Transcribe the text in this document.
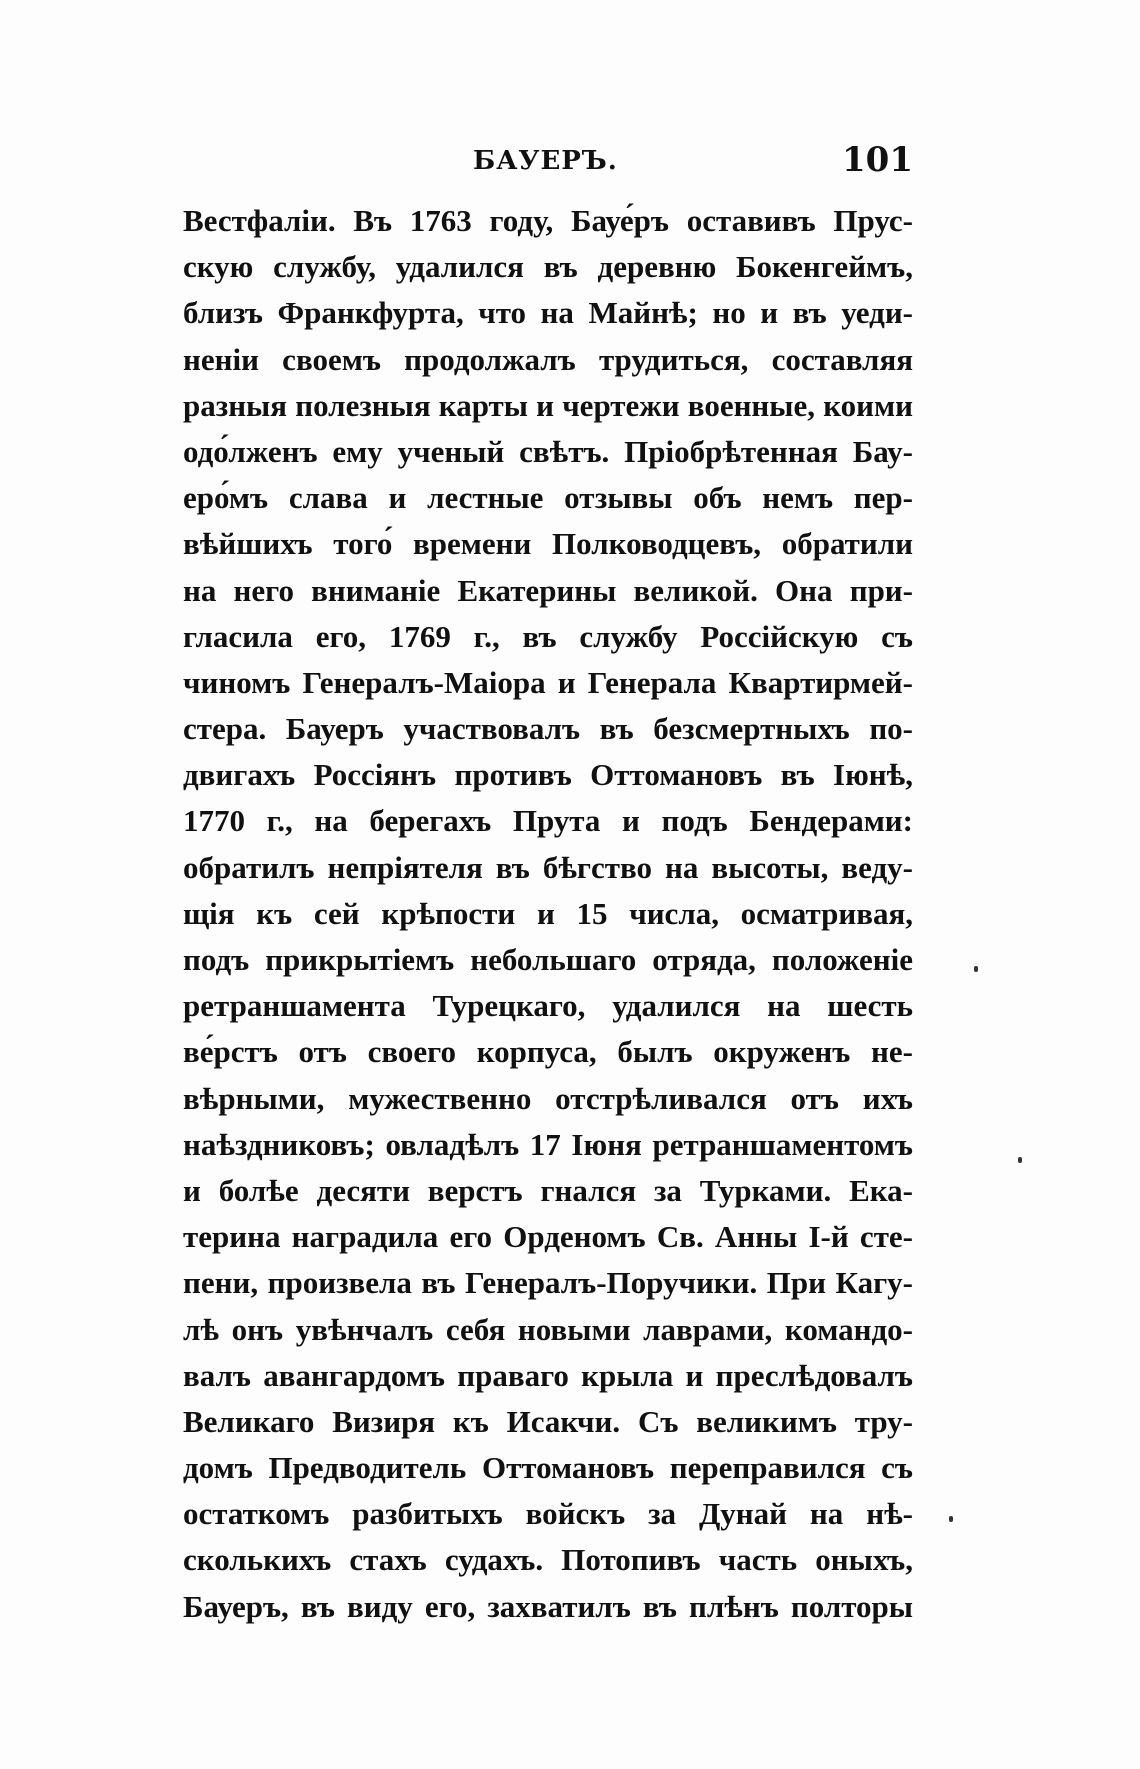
БАУЕРЪ.	101
Вестфаліи. Въ 1763 году, Бауе́ръ оставивъ Прус-
скую службу, удалился въ деревню Бокенгеймъ,
близъ Франкфурта, что на Майнѣ; но и въ уеди-
неніи своемъ продолжалъ трудиться, составляя
разныя полезныя карты и чертежи военные, коими
одо́лженъ ему ученый свѣтъ. Пріобрѣтенная Бау-
еро́мъ слава и лестные отзывы объ немъ пер-
вѣйшихъ того́ времени Полководцевъ, обратили
на него вниманіе Екатерины великой. Она при-
гласила его, 1769 г., въ службу Россійскую съ
чиномъ Генералъ-Маіора и Генерала Квартирмей-
стера. Бауеръ участвовалъ въ безсмертныхъ по-
двигахъ Россіянъ противъ Оттомановъ въ Іюнѣ,
1770 г., на берегахъ Прута и подъ Бендерами:
обратилъ непріятеля въ бѣгство на высоты, веду-
щія къ сей крѣпости и 15 числа, осматривая,
подъ прикрытіемъ небольшаго отряда, положеніе
ретраншамента Турецкаго, удалился на шесть
ве́рстъ отъ своего корпуса, былъ окруженъ не-
вѣрными, мужественно отстрѣливался отъ ихъ
наѣздниковъ; овладѣлъ 17 Іюня ретраншаментомъ
и болѣе десяти верстъ гнался за Турками. Ека-
терина наградила его Орденомъ Св. Анны І-й сте-
пени, произвела въ Генералъ-Поручики. При Кагу-
лѣ онъ увѣнчалъ себя новыми лаврами, командо-
валъ авангардомъ праваго крыла и преслѣдовалъ
Великаго Визиря къ Исакчи. Съ великимъ тру-
домъ Предводитель Оттомановъ переправился съ
остаткомъ разбитыхъ войскъ за Дунай на нѣ-
сколькихъ стахъ судахъ. Потопивъ часть оныхъ,
Бауеръ, въ виду его, захватилъ въ плѣнъ полторы
